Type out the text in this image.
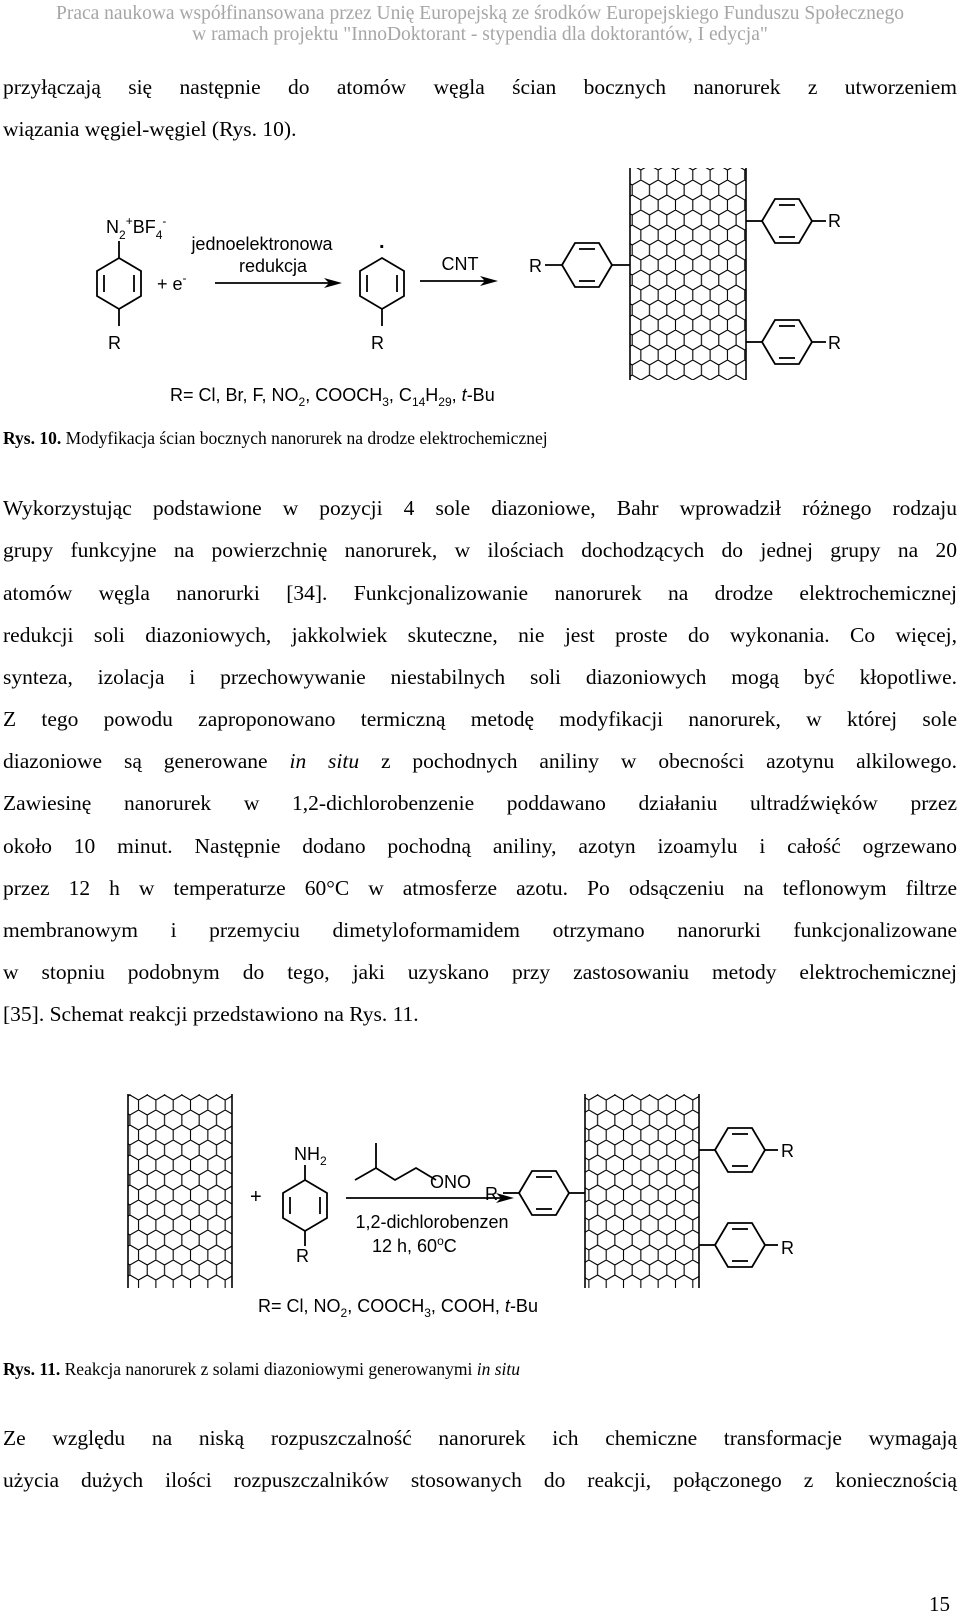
Praca naukowa współfinansowana przez Unię Europejską ze środków Europejskiego Funduszu Społecznego
w ramach projektu "InnoDoktorant - stypendia dla doktorantów, I edycja"
przyłączają się następnie do atomów węgla ścian bocznych nanorurek z utworzeniem
wiązania węgiel-węgiel (Rys. 10).
$N_2^+BF_4^-$
R
+ e-
jednoelektronowa
redukcja
.
R
CNT	R
R
R
R= Cl, Br, F, $NO_2$, $COOCH_3$, $C_{14}H_{29}$, t-Bu
Rys. 10. Modyfikacja ścian bocznych nanorurek na drodze elektrochemicznej
Wykorzystując podstawione w pozycji 4 sole diazoniowe, Bahr wprowadził różnego rodzaju
grupy funkcyjne na powierzchnię nanorurek, w ilościach dochodzących do jednej grupy na 20
atomów węgla nanorurki [34]. Funkcjonalizowanie nanorurek na drodze elektrochemicznej
redukcji soli diazoniowych, jakkolwiek skuteczne, nie jest proste do wykonania. Co więcej,
synteza, izolacja i przechowywanie niestabilnych soli diazoniowych mogą być kłopotliwe.
Z tego powodu zaproponowano termiczną metodę modyfikacji nanorurek, w której sole
diazoniowe są generowane in situ z pochodnych aniliny w obecności azotynu alkilowego.
Zawiesinę nanorurek w 1,2-dichlorobenzenie poddawano działaniu ultradźwięków przez
około 10 minut. Następnie dodano pochodną aniliny, azotyn izoamylu i całość ogrzewano
przez 12 h w temperaturze 60°C w atmosferze azotu. Po odsączeniu na teflonowym filtrze
membranowym i przemyciu dimetyloformamidem otrzymano nanorurki funkcjonalizowane
w stopniu podobnym do tego, jaki uzyskano przy zastosowaniu metody elektrochemicznej
[35]. Schemat reakcji przedstawiono na Rys. 11.
+
$NH_2$
R
ONO
1,2-dichlorobenzen
12 h, 60$^o$C
R
R
R
R= Cl, $NO_2$, $COOCH_3$, COOH, t-Bu
Rys. 11. Reakcja nanorurek z solami diazoniowymi generowanymi in situ
Ze względu na niską rozpuszczalność nanorurek ich chemiczne transformacje wymagają
użycia dużych ilości rozpuszczalników stosowanych do reakcji, połączonego z koniecznością
15
